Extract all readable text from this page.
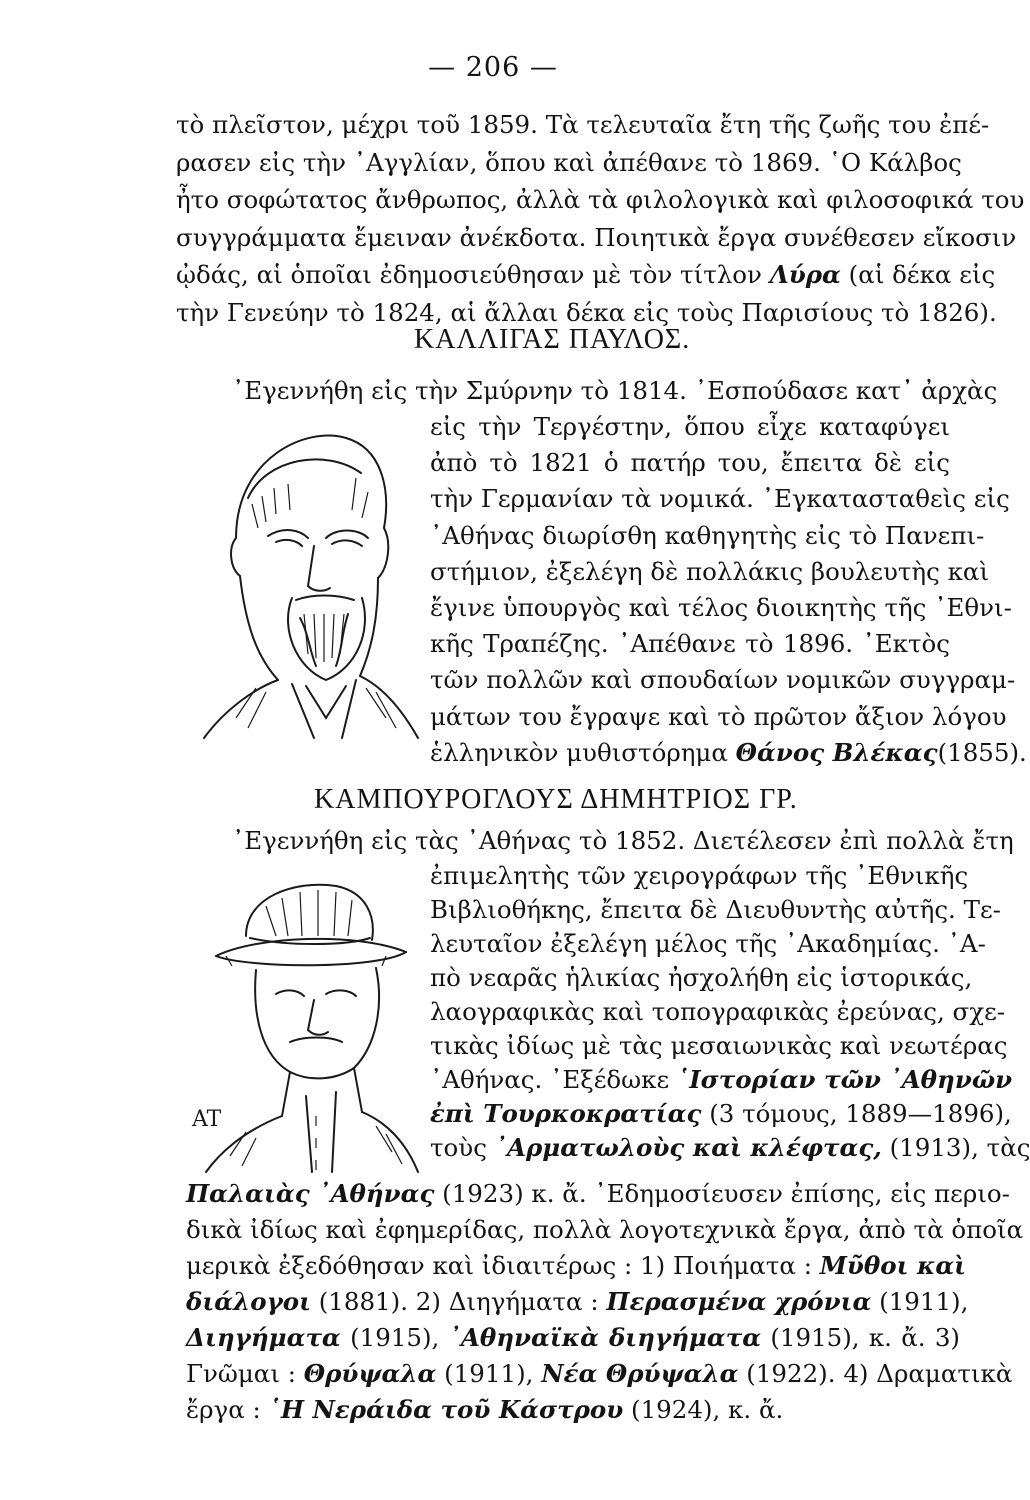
— 206 —
τὸ πλεῖστον, μέχρι τοῦ 1859. Τὰ τελευταῖα ἔτη τῆς ζωῆς του ἐπέ-
ρασεν εἰς τὴν ᾿Αγγλίαν, ὅπου καὶ ἀπέθανε τὸ 1869. ῾Ο Κάλβος
ἦτο σοφώτατος ἄνθρωπος, ἀλλὰ τὰ φιλολογικὰ καὶ φιλοσοφικά του
συγγράμματα ἔμειναν ἀνέκδοτα. Ποιητικὰ ἔργα συνέθεσεν εἴκοσιν
ᾠδάς, αἱ ὁποῖαι ἐδημοσιεύθησαν μὲ τὸν τίτλον Λύρα (αἱ δέκα εἰς
τὴν Γενεύην τὸ 1824, αἱ ἄλλαι δέκα εἰς τοὺς Παρισίους τὸ 1826).
ΚΑΛΛΙΓΑΣ ΠΑΥΛΟΣ.
᾿Εγεννήθη εἰς τὴν Σμύρνην τὸ 1814. ᾿Εσπούδασε κατ᾿ ἀρχὰς
εἰς τὴν Τεργέστην, ὅπου εἶχε καταφύγει
ἀπὸ τὸ 1821 ὁ πατήρ του, ἔπειτα δὲ εἰς
τὴν Γερμανίαν τὰ νομικά. ᾿Εγκατασταθεὶς εἰς
᾿Αθήνας διωρίσθη καθηγητὴς εἰς τὸ Πανεπι-
στήμιον, ἐξελέγη δὲ πολλάκις βουλευτὴς καὶ
ἔγινε ὑπουργὸς καὶ τέλος διοικητὴς τῆς ᾿Εθνι-
κῆς Τραπέζης. ᾿Απέθανε τὸ 1896. ᾿Εκτὸς
τῶν πολλῶν καὶ σπουδαίων νομικῶν συγγραμ-
μάτων του ἔγραψε καὶ τὸ πρῶτον ἄξιον λόγου
ἑλληνικὸν μυθιστόρημα Θάνος Βλέκας(1855).
ΚΑΜΠΟΥΡΟΓΛΟΥΣ ΔΗΜΗΤΡΙΟΣ ΓΡ.
᾿Εγεννήθη εἰς τὰς ᾿Αθήνας τὸ 1852. Διετέλεσεν ἐπὶ πολλὰ ἔτη
ἐπιμελητὴς τῶν χειρογράφων τῆς ᾿Εθνικῆς
Βιβλιοθήκης, ἔπειτα δὲ Διευθυντὴς αὐτῆς. Τε-
λευταῖον ἐξελέγη μέλος τῆς ᾿Ακαδημίας. ᾿Α-
πὸ νεαρᾶς ἡλικίας ἠσχολήθη εἰς ἱστορικάς,
λαογραφικὰς καὶ τοπογραφικὰς ἐρεύνας, σχε-
τικὰς ἰδίως μὲ τὰς μεσαιωνικὰς καὶ νεωτέρας
᾿Αθήνας. ᾿Εξέδωκε ῾Ιστορίαν τῶν ᾿Αθηνῶν
ἐπὶ Τουρκοκρατίας (3 τόμους, 1889—1896),
τοὺς ᾿Αρματωλοὺς καὶ κλέφτας, (1913), τὰς
AT
Παλαιὰς ᾿Αθήνας (1923) κ. ἄ. ᾿Εδημοσίευσεν ἐπίσης, εἰς περιο-
δικὰ ἰδίως καὶ ἐφημερίδας, πολλὰ λογοτεχνικὰ ἔργα, ἀπὸ τὰ ὁποῖα
μερικὰ ἐξεδόθησαν καὶ ἰδιαιτέρως : 1) Ποιήματα : Μῦθοι καὶ
διάλογοι (1881). 2) Διηγήματα : Περασμένα χρόνια (1911),
Διηγήματα (1915), ᾿Αθηναϊκὰ διηγήματα (1915), κ. ἄ. 3)
Γνῶμαι : Θρύψαλα (1911), Νέα Θρύψαλα (1922). 4) Δραματικὰ
ἔργα : ῾Η Νεράιδα τοῦ Κάστρου (1924), κ. ἄ.
